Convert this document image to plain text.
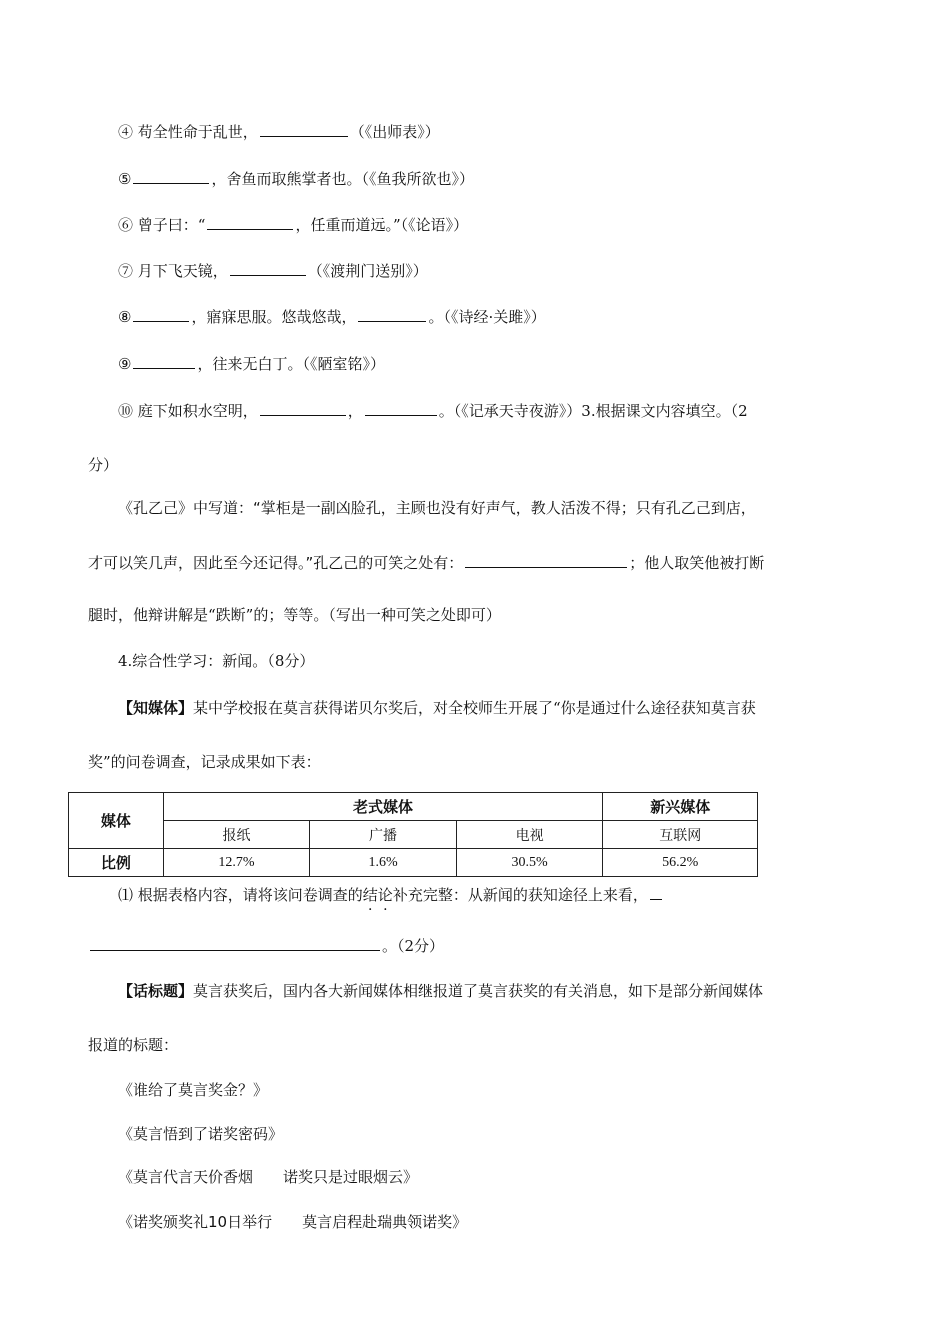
④ 苟全性命于乱世，	（《出师表》）
⑤	，舍鱼而取熊掌者也。（《鱼我所欲也》）
⑥ 曾子曰：“	，任重而道远。”（《论语》）
⑦ 月下飞天镜，	（《渡荆门送别》）
⑧	，寤寐思服。悠哉悠哉，	。（《诗经·关雎》）
⑨	，往来无白丁。（《陋室铭》）
⑩ 庭下如积水空明，	，	。（《记承天寺夜游》）3.根据课文内容填空。（2
分）
《孔乙己》中写道：“掌柜是一副凶脸孔，主顾也没有好声气，教人活泼不得；只有孔乙己到店，
才可以笑几声，因此至今还记得。”孔乙己的可笑之处有：	；他人取笑他被打断
腿时，他辩讲解是“跌断”的；等等。（写出一种可笑之处即可）
4.综合性学习：新闻。（8分）
【知媒体】某中学校报在莫言获得诺贝尔奖后，对全校师生开展了“你是通过什么途径获知莫言获
奖”的问卷调查，记录成果如下表：
媒体	老式媒体			新兴媒体
	报纸	广播	电视	互联网
比例	12.7%	1.6%	30.5%	56.2%
⑴ 根据表格内容，请将该问卷调查的结论补充完整：从新闻的获知途径上来看，
。（2分）
【话标题】莫言获奖后，国内各大新闻媒体相继报道了莫言获奖的有关消息，如下是部分新闻媒体
报道的标题：
《谁给了莫言奖金？》
《莫言悟到了诺奖密码》
《莫言代言天价香烟　　诺奖只是过眼烟云》
《诺奖颁奖礼10日举行　　莫言启程赴瑞典领诺奖》
